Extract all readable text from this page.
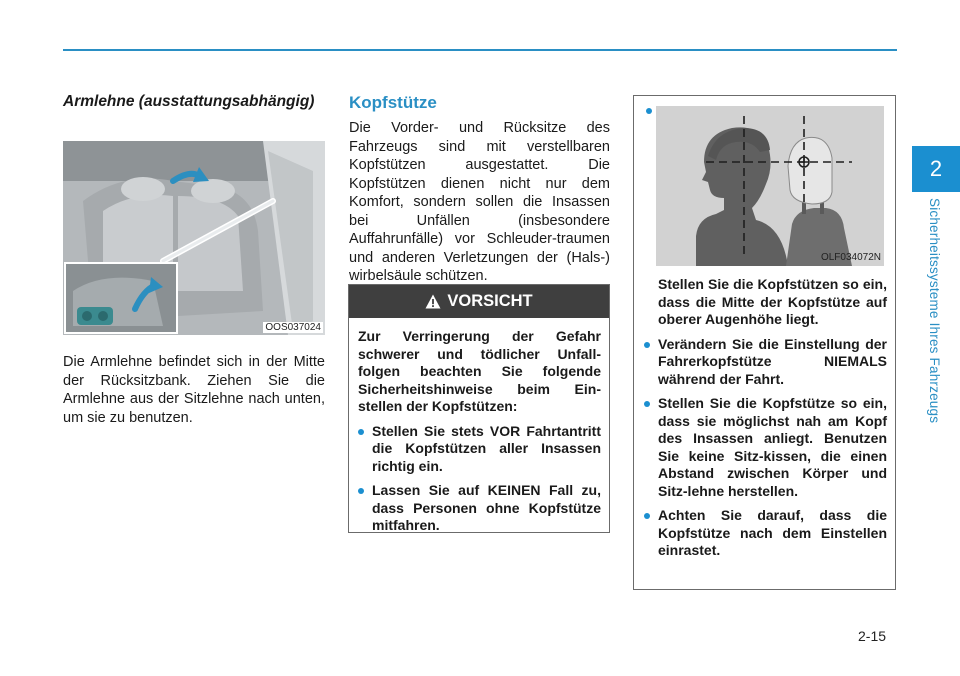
2
Sicherheitssysteme Ihres Fahrzeugs
Armlehne (ausstattungsabhängig)
OOS037024
Die Armlehne befindet sich in der Mitte der Rücksitzbank. Ziehen Sie die Armlehne aus der Sitzlehne nach unten, um sie zu benutzen.
Kopfstütze
Die Vorder- und Rücksitze des Fahrzeugs sind mit verstellbaren Kopfstützen ausgestattet. Die Kopfstützen dienen nicht nur dem Komfort, sondern sollen die Insassen bei Unfällen (insbesondere Auffahrunfälle) vor Schleuder-traumen und anderen Verletzungen der (Hals-) wirbelsäule schützen.
VORSICHT
Zur Verringerung der Gefahr schwerer und tödlicher Unfall-folgen beachten Sie folgende Sicherheitshinweise beim Ein-stellen der Kopfstützen:
Stellen Sie stets VOR Fahrtantritt die Kopfstützen aller Insassen richtig ein.
Lassen Sie auf KEINEN Fall zu, dass Personen ohne Kopfstütze mitfahren.
OLF034072N
Stellen Sie die Kopfstützen so ein, dass die Mitte der Kopfstütze auf oberer Augenhöhe liegt.
Verändern Sie die Einstellung der Fahrerkopfstütze NIEMALS während der Fahrt.
Stellen Sie die Kopfstütze so ein, dass sie möglichst nah am Kopf des Insassen anliegt. Benutzen Sie keine Sitz-kissen, die einen Abstand zwischen Körper und Sitz-lehne herstellen.
Achten Sie darauf, dass die Kopfstütze nach dem Einstellen einrastet.
2-15
